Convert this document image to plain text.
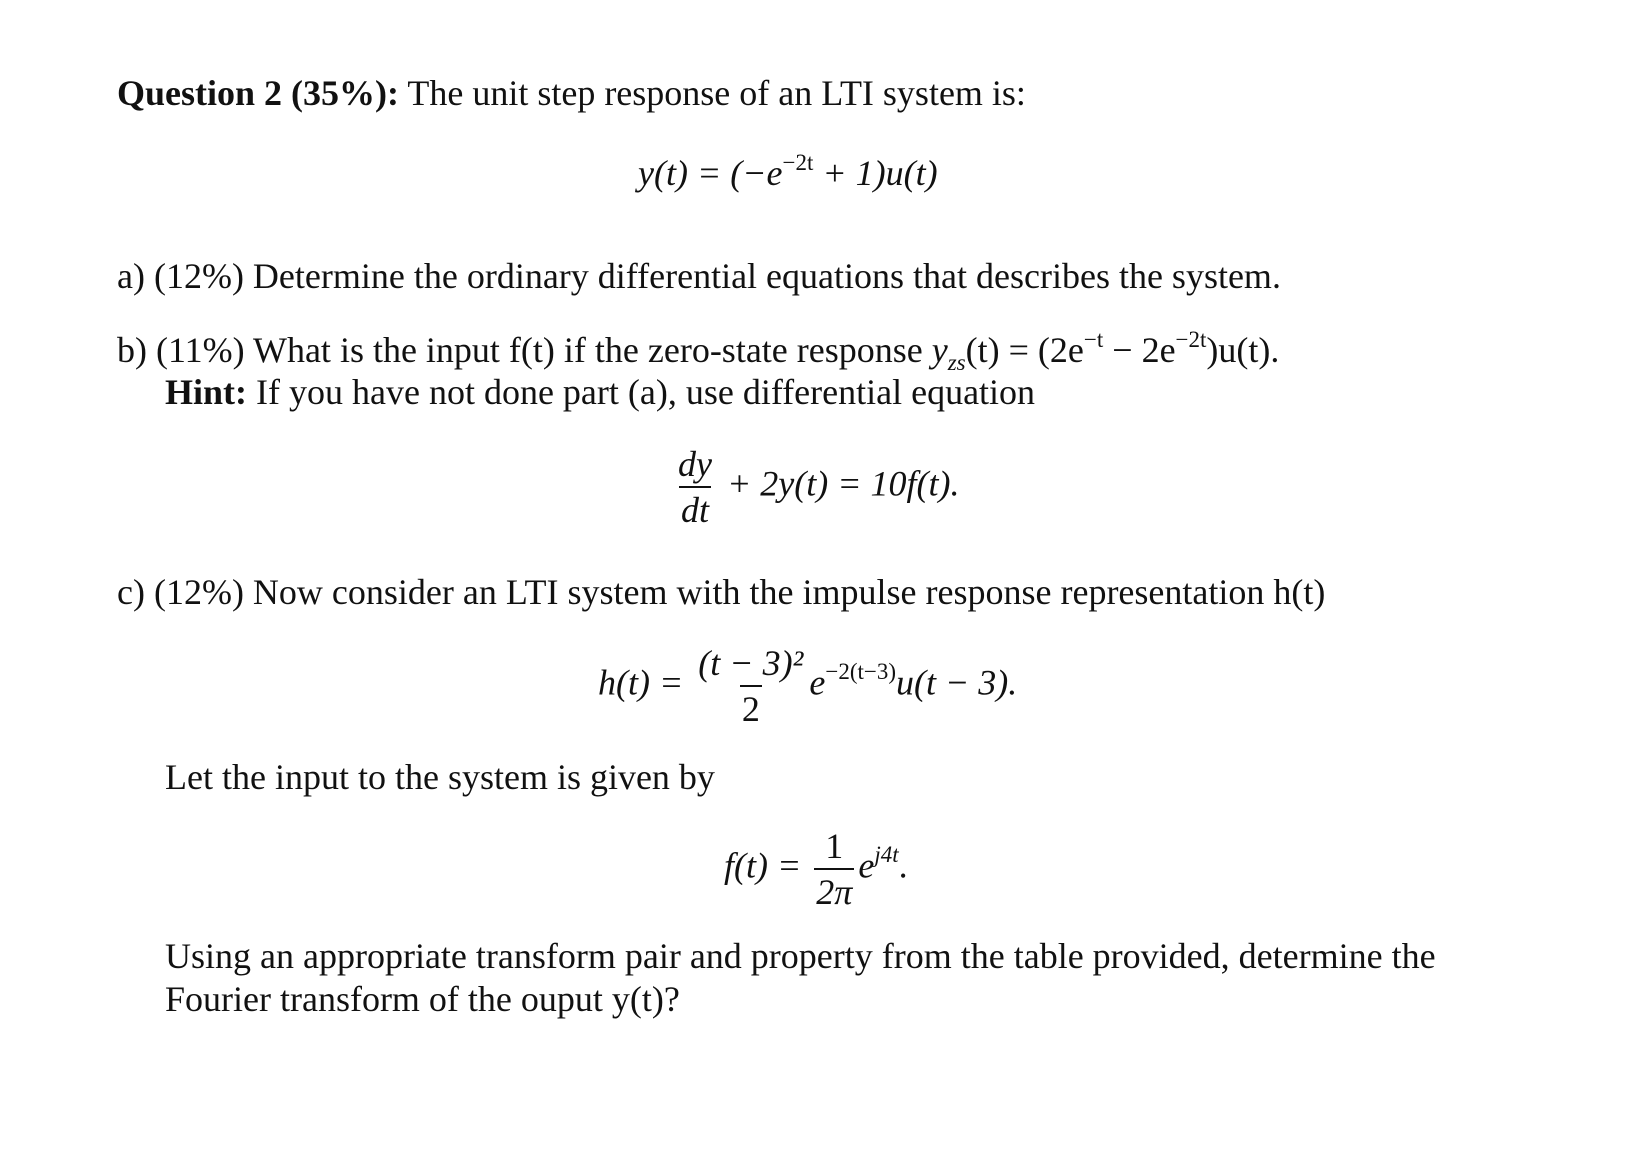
Question 2 (35%): The unit step response of an LTI system is:
$y(t) = (-e^{-2t} + 1)u(t)$
a) (12%) Determine the ordinary differential equations that describes the system.
b) (11%) What is the input f(t) if the zero-state response $y_{zs}(t) = (2e^{-t} - 2e^{-2t})u(t)$.
Hint: If you have not done part (a), use differential equation
$\frac{dy}{dt} + 2y(t) = 10f(t)$.
c) (12%) Now consider an LTI system with the impulse response representation h(t)
$h(t) = \frac{\text{(t − 3)²}}{2} e^{-2(t-3)}u(t - 3)$.
Let the input to the system is given by
$f(t) = \frac{1}{2\pi} e^{j4t}$.
Using an appropriate transform pair and property from the table provided, determine the
Fourier transform of the ouput y(t)?
